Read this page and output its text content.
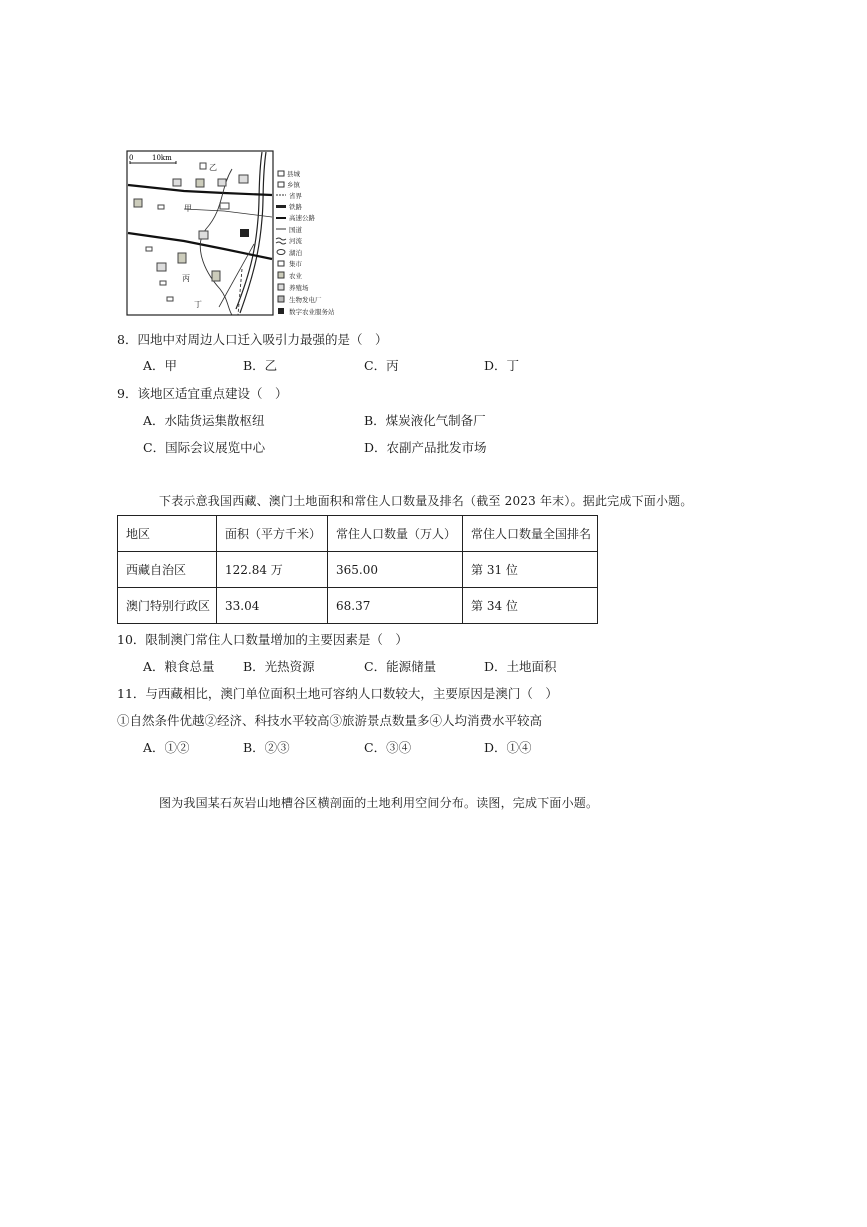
0	10km
乙
甲
丙
丁
县城
乡镇
省界
铁路
高速公路
国道
河流
湖泊
集市
农业
养殖场
生物发电厂
数字农业服务站
8．四地中对周边人口迁入吸引力最强的是（　）
A．甲	B．乙	C．丙	D．丁
9．该地区适宜重点建设（　）
A．水陆货运集散枢纽	B．煤炭液化气制备厂
C．国际会议展览中心	D．农副产品批发市场
下表示意我国西藏、澳门土地面积和常住人口数量及排名（截至 2023 年末）。据此完成下面小题。
地区	面积（平方千米）	常住人口数量（万人）	常住人口数量全国排名
西藏自治区	122.84 万	365.00	第 31 位
澳门特别行政区	33.04	68.37	第 34 位
10．限制澳门常住人口数量增加的主要因素是（　）
A．粮食总量 B．光热资源	C．能源储量	D．土地面积
11．与西藏相比，澳门单位面积土地可容纳人口数较大，主要原因是澳门（　）
①自然条件优越②经济、科技水平较高③旅游景点数量多④人均消费水平较高
A．①②	B．②③	C．③④	D．①④
图为我国某石灰岩山地槽谷区横剖面的土地利用空间分布。读图，完成下面小题。
